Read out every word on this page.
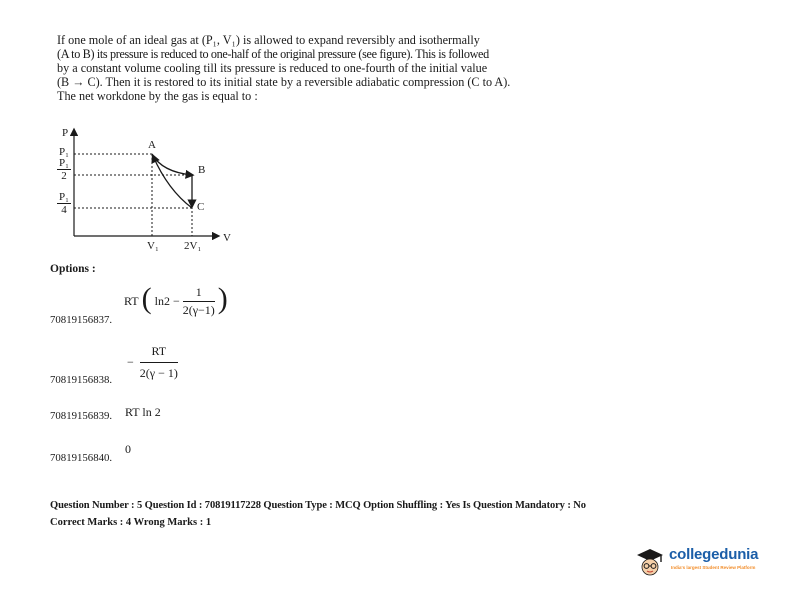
If one mole of an ideal gas at (P₁, V₁) is allowed to expand reversibly and isothermally
(A to B) its pressure is reduced to one-half of the original pressure (see figure). This is followed
by a constant volume cooling till its pressure is reduced to one-fourth of the initial value
(B → C). Then it is restored to its initial state by a reversible adiabatic compression (C to A).
The net workdone by the gas is equal to :
P
V
P₁
$\frac{\text{P₁}}{2}$
$\frac{\text{P₁}}{4}$
V₁ 2V₁
A
B
C
Options :
RT ( $\ln 2 - \frac{1}{2(\gamma-1)}$ )
70819156837.
− $\frac{RT}{2(\gamma - 1)}$
70819156838.
70819156839. RT ln 2
0
70819156840.
Question Number : 5 Question Id : 70819117228 Question Type : MCQ Option Shuffling : Yes Is Question Mandatory : No
Correct Marks : 4 Wrong Marks : 1
collegedunia
India's largest Student Review Platform
